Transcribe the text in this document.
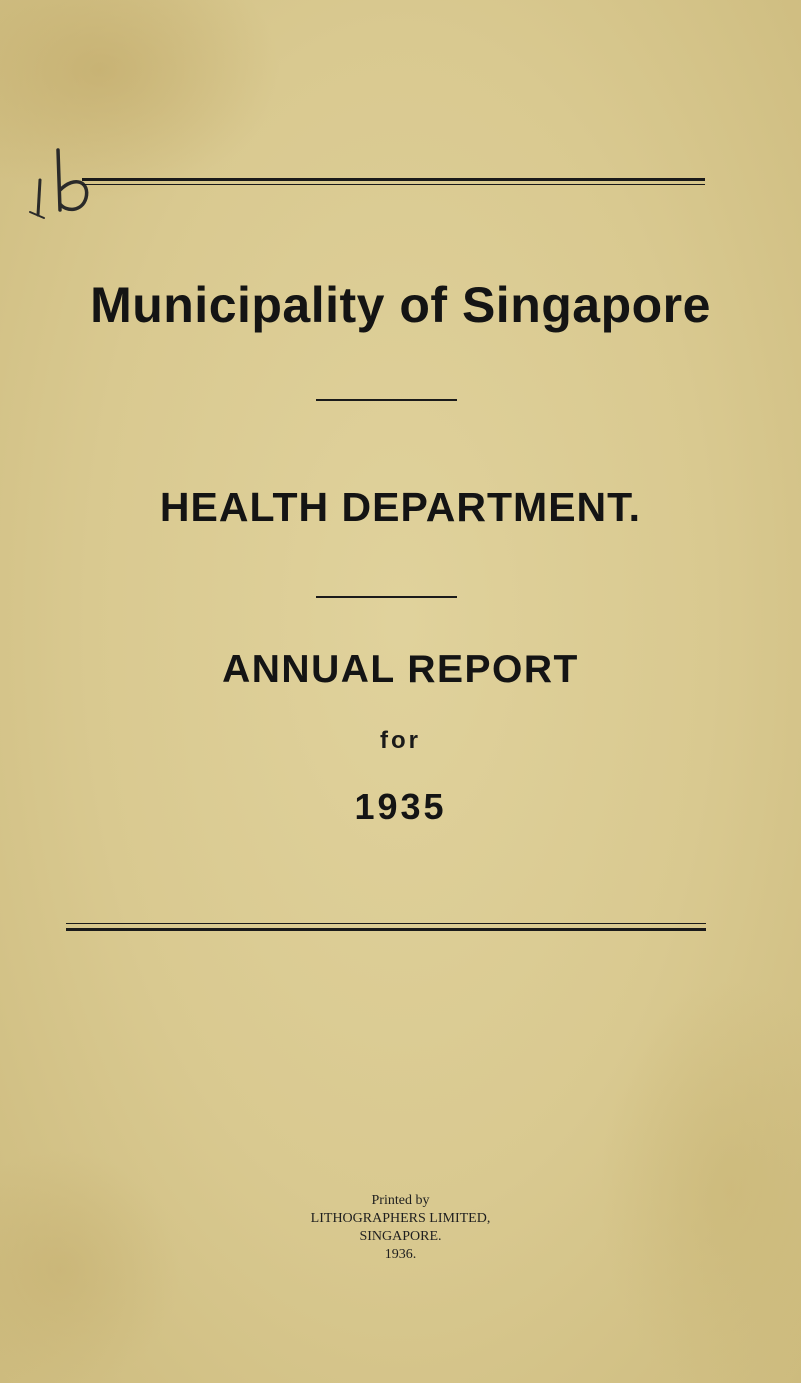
Municipality of Singapore
HEALTH DEPARTMENT.
ANNUAL REPORT
for
1935
Printed by
LITHOGRAPHERS LIMITED,
SINGAPORE.
1936.
